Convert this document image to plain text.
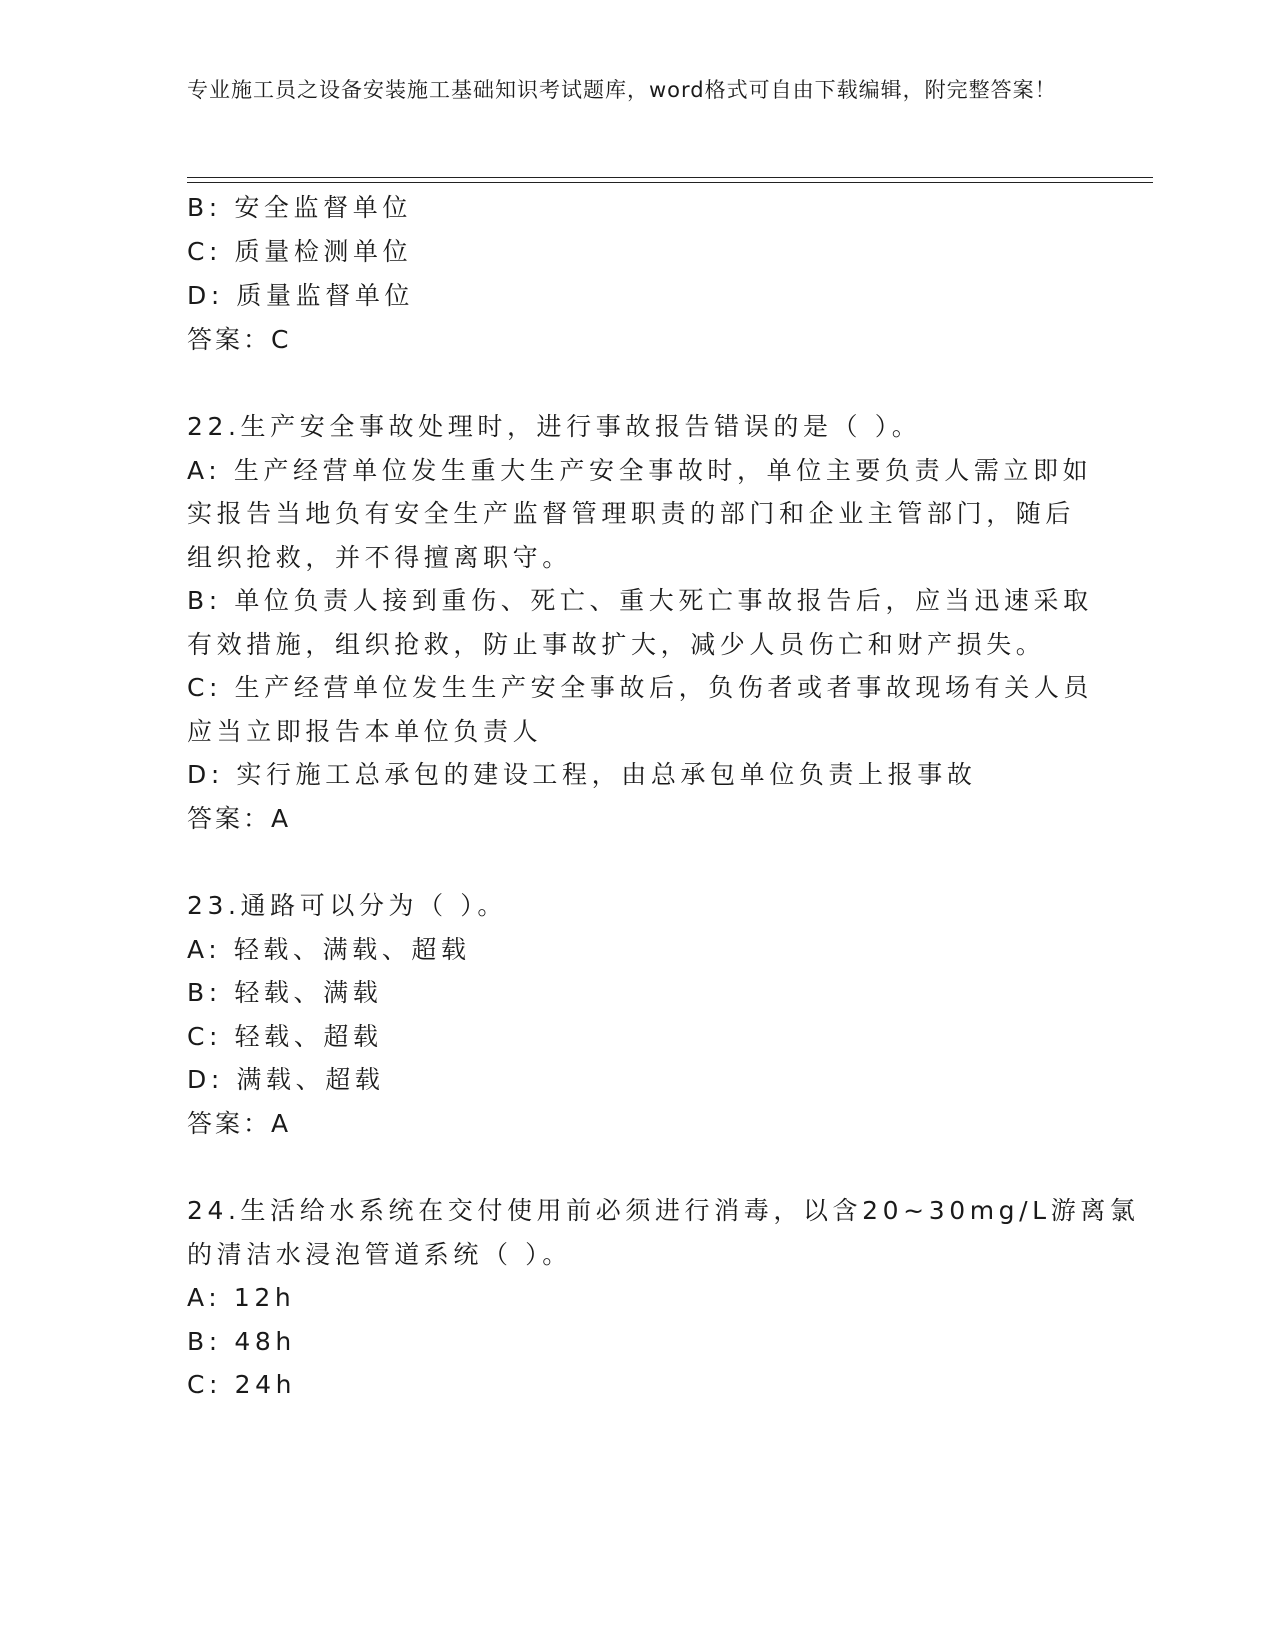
专业施工员之设备安装施工基础知识考试题库，word格式可自由下载编辑，附完整答案！
B: 安全监督单位
C: 质量检测单位
D: 质量监督单位
答案：C
22.生产安全事故处理时，进行事故报告错误的是（ ）。
A: 生产经营单位发生重大生产安全事故时，单位主要负责人需立即如
实报告当地负有安全生产监督管理职责的部门和企业主管部门，随后
组织抢救，并不得擅离职守。
B: 单位负责人接到重伤、死亡、重大死亡事故报告后，应当迅速采取
有效措施，组织抢救，防止事故扩大，减少人员伤亡和财产损失。
C: 生产经营单位发生生产安全事故后，负伤者或者事故现场有关人员
应当立即报告本单位负责人
D: 实行施工总承包的建设工程，由总承包单位负责上报事故
答案：A
23.通路可以分为（ ）。
A: 轻载、满载、超载
B: 轻载、满载
C: 轻载、超载
D: 满载、超载
答案：A
24.生活给水系统在交付使用前必须进行消毒，以含20~30mg/L游离氯
的清洁水浸泡管道系统（ ）。
A: 12h
B: 48h
C: 24h
